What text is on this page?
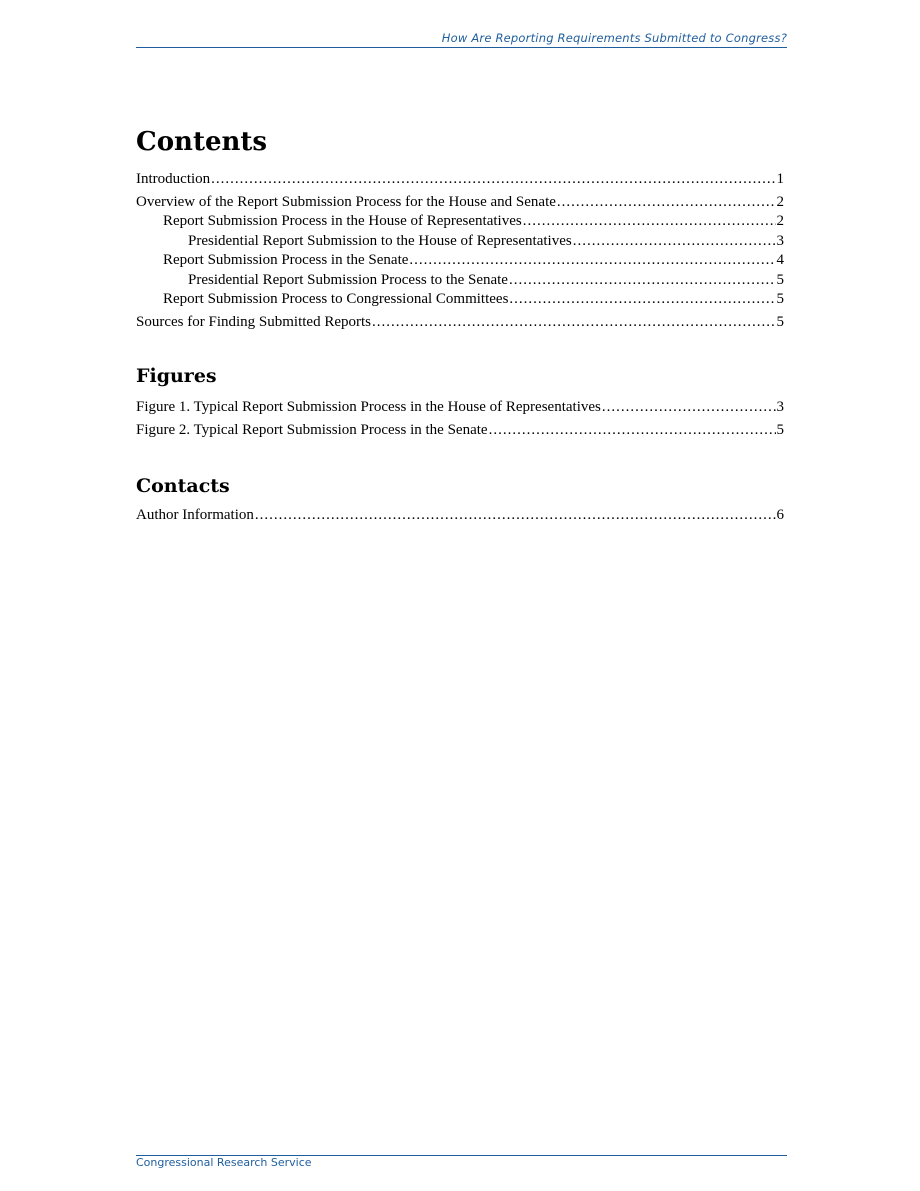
How Are Reporting Requirements Submitted to Congress?
Contents
Introduction .....	1
Overview of the Report Submission Process for the House and Senate .....	2
Report Submission Process in the House of Representatives .....	2
Presidential Report Submission to the House of Representatives .....	3
Report Submission Process in the Senate .....	4
Presidential Report Submission Process to the Senate .....	5
Report Submission Process to Congressional Committees .....	5
Sources for Finding Submitted Reports .....	5
Figures
Figure 1. Typical Report Submission Process in the House of Representatives .....	3
Figure 2. Typical Report Submission Process in the Senate .....	5
Contacts
Author Information .....	6
Congressional Research Service
